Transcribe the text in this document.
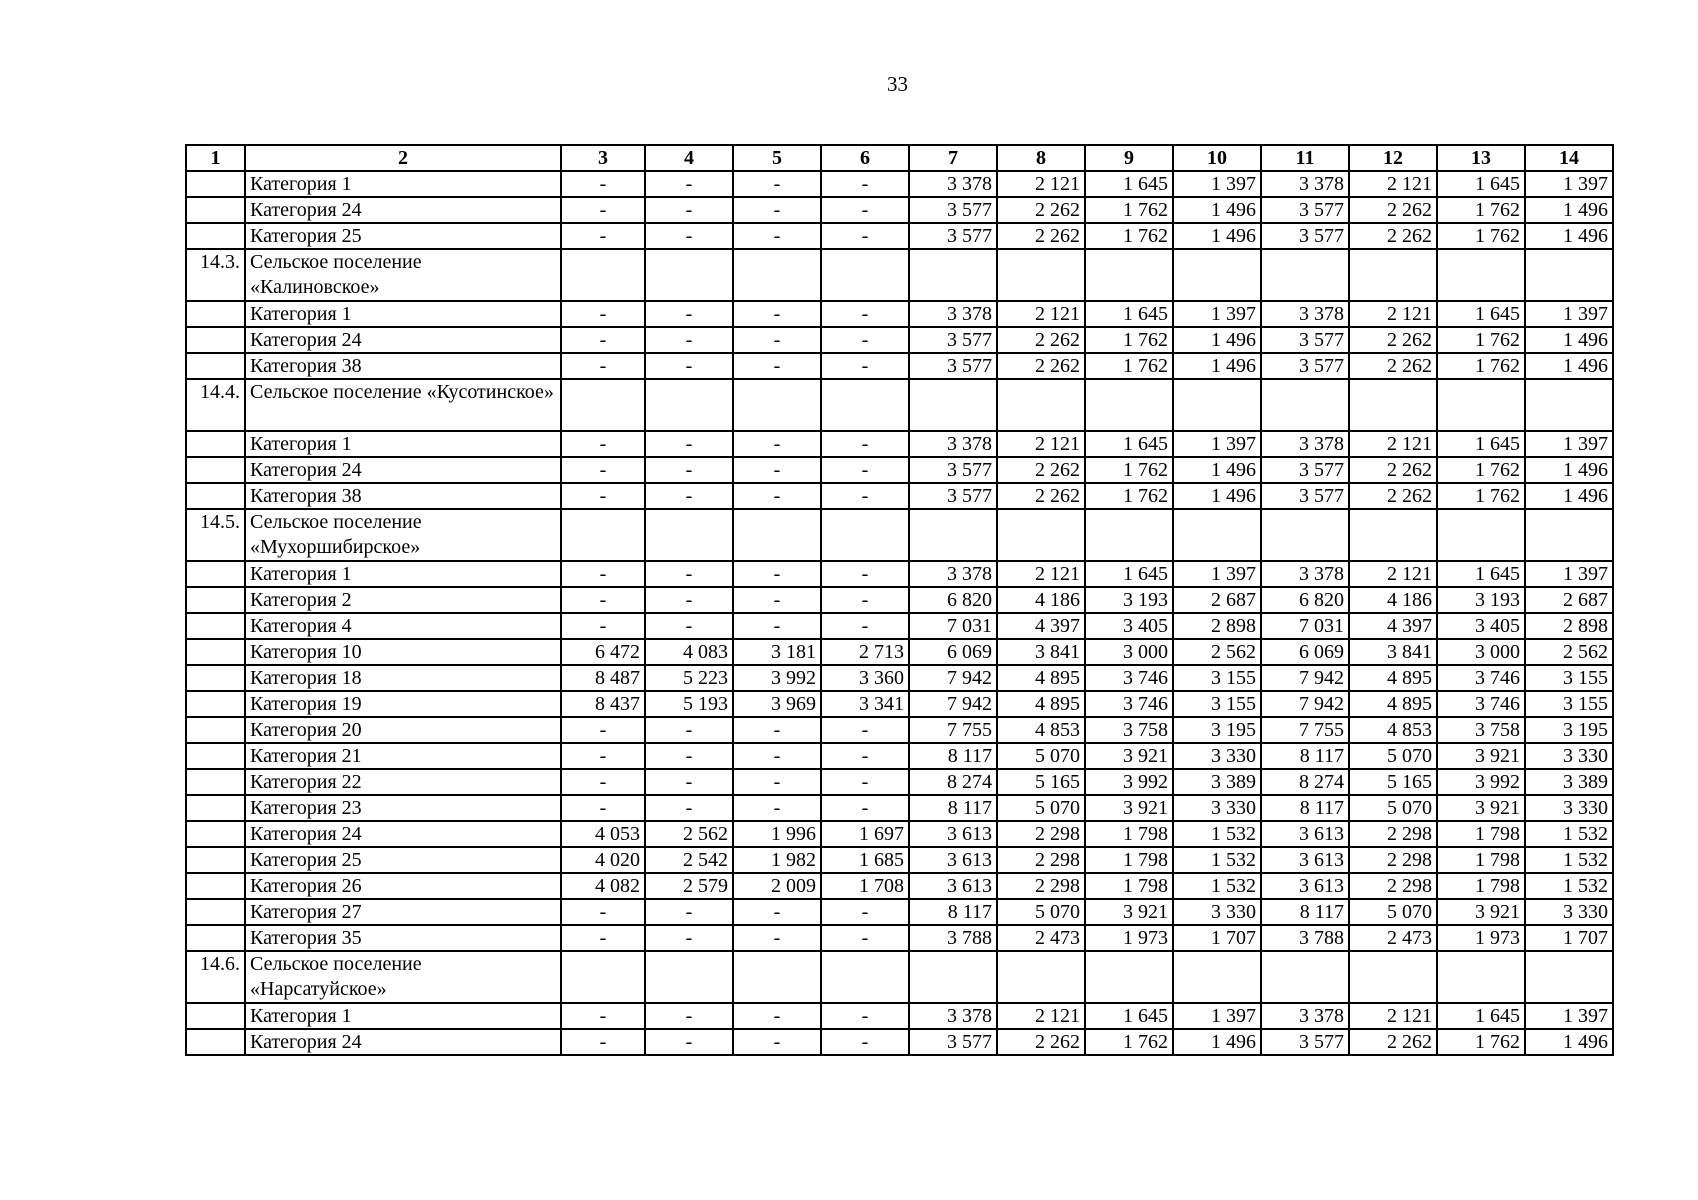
33
1	2	3	4	5	6	7	8	9	10	11	12	13	14
	Категория 1	-	-	-	-	3 378	2 121	1 645	1 397	3 378	2 121	1 645	1 397
	Категория 24	-	-	-	-	3 577	2 262	1 762	1 496	3 577	2 262	1 762	1 496
	Категория 25	-	-	-	-	3 577	2 262	1 762	1 496	3 577	2 262	1 762	1 496
14.3.	Сельское поселение «Калиновское»												
	Категория 1	-	-	-	-	3 378	2 121	1 645	1 397	3 378	2 121	1 645	1 397
	Категория 24	-	-	-	-	3 577	2 262	1 762	1 496	3 577	2 262	1 762	1 496
	Категория 38	-	-	-	-	3 577	2 262	1 762	1 496	3 577	2 262	1 762	1 496
14.4.	Сельское поселение «Кусотинское»												
	Категория 1	-	-	-	-	3 378	2 121	1 645	1 397	3 378	2 121	1 645	1 397
	Категория 24	-	-	-	-	3 577	2 262	1 762	1 496	3 577	2 262	1 762	1 496
	Категория 38	-	-	-	-	3 577	2 262	1 762	1 496	3 577	2 262	1 762	1 496
14.5.	Сельское поселение «Мухоршибирское»												
	Категория 1	-	-	-	-	3 378	2 121	1 645	1 397	3 378	2 121	1 645	1 397
	Категория 2	-	-	-	-	6 820	4 186	3 193	2 687	6 820	4 186	3 193	2 687
	Категория 4	-	-	-	-	7 031	4 397	3 405	2 898	7 031	4 397	3 405	2 898
	Категория 10	6 472	4 083	3 181	2 713	6 069	3 841	3 000	2 562	6 069	3 841	3 000	2 562
	Категория 18	8 487	5 223	3 992	3 360	7 942	4 895	3 746	3 155	7 942	4 895	3 746	3 155
	Категория 19	8 437	5 193	3 969	3 341	7 942	4 895	3 746	3 155	7 942	4 895	3 746	3 155
	Категория 20	-	-	-	-	7 755	4 853	3 758	3 195	7 755	4 853	3 758	3 195
	Категория 21	-	-	-	-	8 117	5 070	3 921	3 330	8 117	5 070	3 921	3 330
	Категория 22	-	-	-	-	8 274	5 165	3 992	3 389	8 274	5 165	3 992	3 389
	Категория 23	-	-	-	-	8 117	5 070	3 921	3 330	8 117	5 070	3 921	3 330
	Категория 24	4 053	2 562	1 996	1 697	3 613	2 298	1 798	1 532	3 613	2 298	1 798	1 532
	Категория 25	4 020	2 542	1 982	1 685	3 613	2 298	1 798	1 532	3 613	2 298	1 798	1 532
	Категория 26	4 082	2 579	2 009	1 708	3 613	2 298	1 798	1 532	3 613	2 298	1 798	1 532
	Категория 27	-	-	-	-	8 117	5 070	3 921	3 330	8 117	5 070	3 921	3 330
	Категория 35	-	-	-	-	3 788	2 473	1 973	1 707	3 788	2 473	1 973	1 707
14.6.	Сельское поселение «Нарсатуйское»												
	Категория 1	-	-	-	-	3 378	2 121	1 645	1 397	3 378	2 121	1 645	1 397
	Категория 24	-	-	-	-	3 577	2 262	1 762	1 496	3 577	2 262	1 762	1 496
